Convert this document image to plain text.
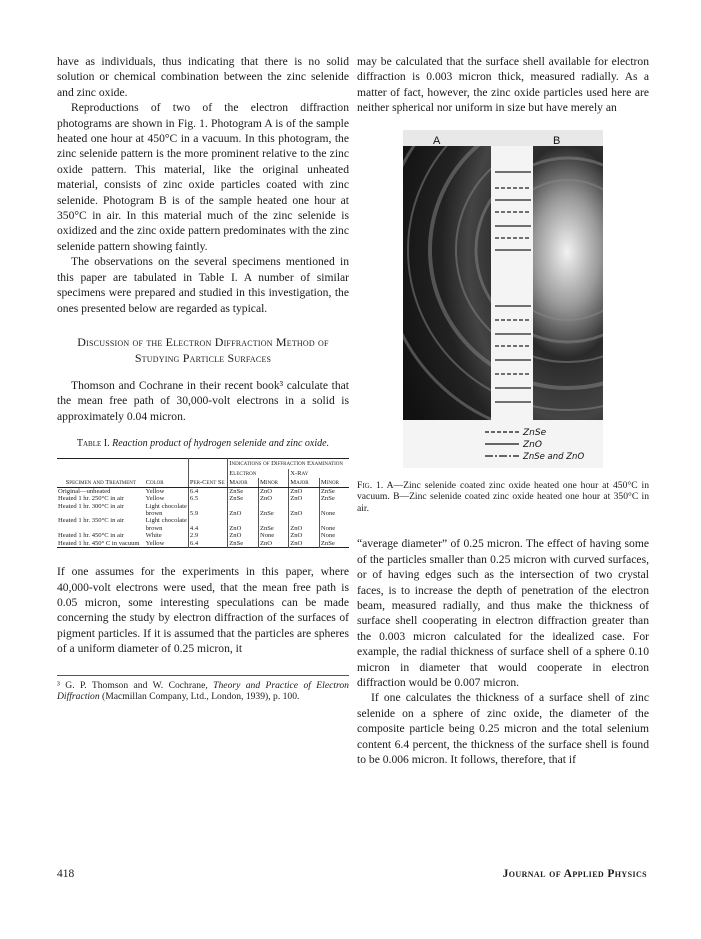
have as individuals, thus indicating that there is no solid solution or chemical combination between the zinc selenide and zinc oxide.

Reproductions of two of the electron diffraction photograms are shown in Fig. 1. Photogram A is of the sample heated one hour at 450°C in a vacuum. In this photogram, the zinc selenide pattern is the more prominent relative to the zinc oxide pattern. This material, like the original unheated material, consists of zinc oxide particles coated with zinc selenide. Photogram B is of the sample heated one hour at 350°C in air. In this material much of the zinc selenide is oxidized and the zinc oxide pattern predominates with the zinc selenide pattern showing faintly.

The observations on the several specimens mentioned in this paper are tabulated in Table I. A number of similar specimens were prepared and studied in this investigation, the ones presented below are regarded as typical.

Discussion of the Electron Diffraction Method of Studying Particle Surfaces

Thomson and Cochrane in their recent book³ calculate that the mean free path of 30,000-volt electrons in a solid is approximately 0.04 micron.

Table I. Reaction product of hydrogen selenide and zinc oxide.
Specimen and Treatment	Color	Per-Cent Se	Indications of Diffraction Examination			
			Electron		X-Ray	
			Major	Minor	Major	Minor

Original—unheated	Yellow	6.4	ZnSe	ZnO	ZnO	ZnSe
Heated 1 hr. 250°C in air	Yellow	6.5	ZnSe	ZnO	ZnO	ZnSe
Heated 1 hr. 300°C in air	Light chocolate brown	5.9	ZnO	ZnSe	ZnO	None
Heated 1 hr. 350°C in air	Light chocolate brown	4.4	ZnO	ZnSe	ZnO	None
Heated 1 hr. 450°C in air	White	2.9	ZnO	None	ZnO	None
Heated 1 hr. 450° C in vacuum	Yellow	6.4	ZnSe	ZnO	ZnO	ZnSe

If one assumes for the experiments in this paper, where 40,000-volt electrons were used, that the mean free path is 0.05 micron, some interesting speculations can be made concerning the study by electron diffraction of the surfaces of pigment particles. If it is assumed that the particles are spheres of a uniform diameter of 0.25 micron, it

³ G. P. Thomson and W. Cochrane, Theory and Practice of Electron Diffraction (Macmillan Company, Ltd., London, 1939), p. 100.

may be calculated that the surface shell available for electron diffraction is 0.003 micron thick, measured radially. As a matter of fact, however, the zinc oxide particles used here are neither spherical nor uniform in size but have merely an

A	B
ZnSe
ZnO
ZnSe and ZnO
Fig. 1. A—Zinc selenide coated zinc oxide heated one hour at 450°C in vacuum. B—Zinc selenide coated zinc oxide heated one hour at 350°C in air.

“average diameter” of 0.25 micron. The effect of having some of the particles smaller than 0.25 micron with curved surfaces, or of having edges such as the intersection of two crystal faces, is to increase the depth of penetration of the electron beam, measured radially, and thus make the thickness of surface shell cooperating in electron diffraction greater than the 0.003 micron calculated for the idealized case. For example, the radial thickness of surface shell of a sphere 0.10 micron in diameter that would cooperate in electron diffraction would be 0.007 micron.

If one calculates the thickness of a surface shell of zinc selenide on a sphere of zinc oxide, the diameter of the composite particle being 0.25 micron and the total selenium content 6.4 percent, the thickness of the surface shell is found to be 0.006 micron. It follows, therefore, that if

418	Journal of Applied Physics
